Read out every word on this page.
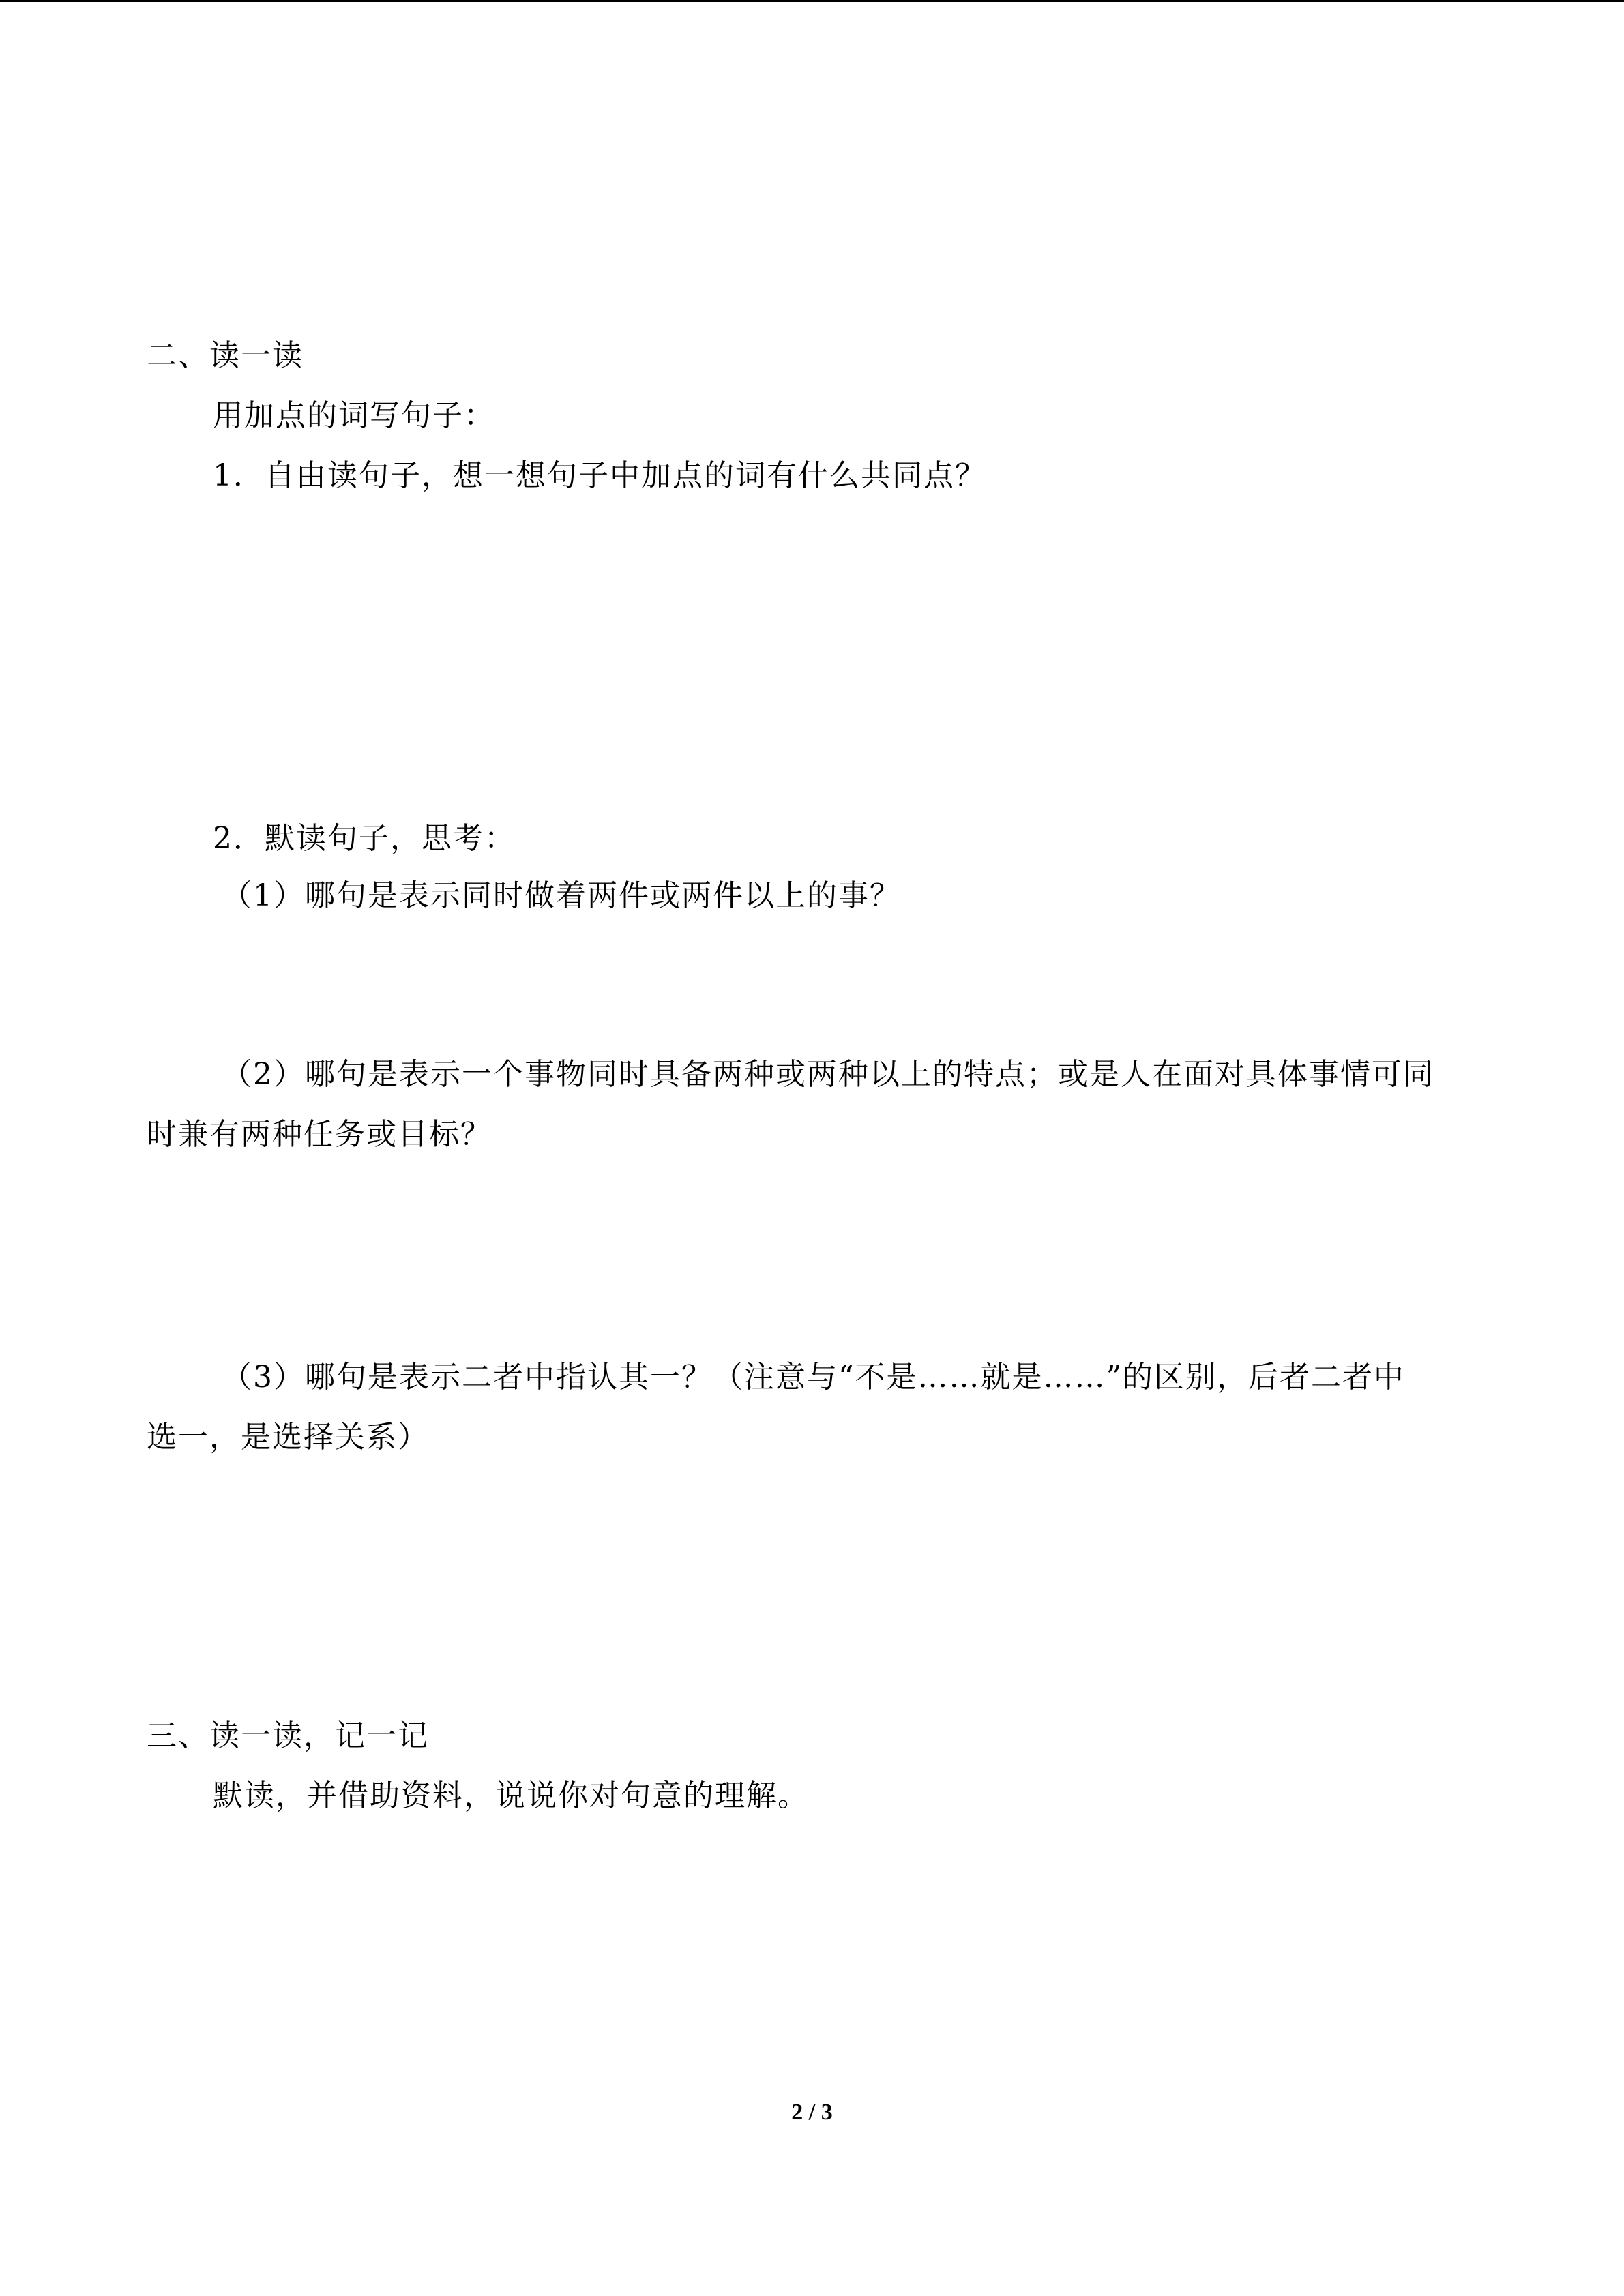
二、读一读

用加点的词写句子：

1．自由读句子，想一想句子中加点的词有什么共同点？

2．默读句子，思考：

（1）哪句是表示同时做着两件或两件以上的事？

（2）哪句是表示一个事物同时具备两种或两种以上的特点；或是人在面对具体事情可同

时兼有两种任务或目标？

（3）哪句是表示二者中指认其一？（注意与“不是……就是……”的区别，后者二者中

选一，是选择关系）

三、读一读，记一记

默读，并借助资料，说说你对句意的理解。

2 / 3
